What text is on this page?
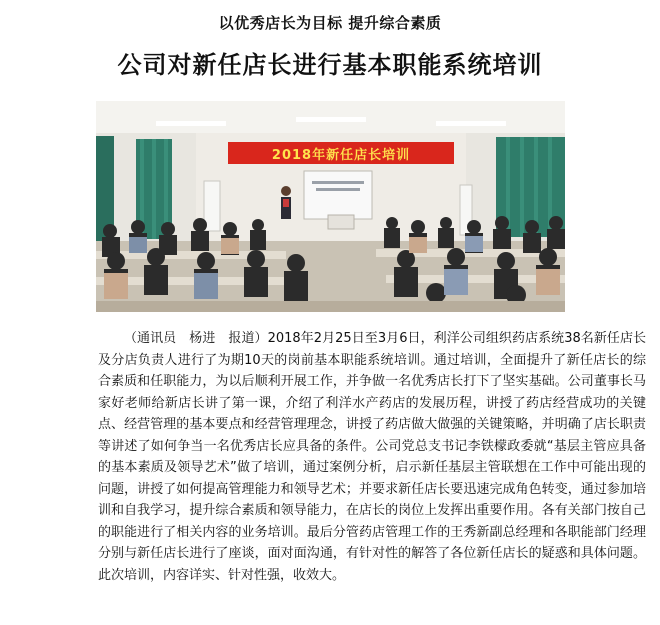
以优秀店长为目标 提升综合素质
公司对新任店长进行基本职能系统培训
2018年新任店长培训

（通讯员　杨进　报道）2018年2月25日至3月6日，利洋公司组织药店系统38名新任店长及分店负责人进行了为期10天的岗前基本职能系统培训。通过培训，全面提升了新任店长的综合素质和任职能力，为以后顺利开展工作，并争做一名优秀店长打下了坚实基础。公司董事长马家好老师给新店长讲了第一课，介绍了利洋水产药店的发展历程，讲授了药店经营成功的关键点、经营管理的基本要点和经营管理理念，讲授了药店做大做强的关键策略，并明确了店长职责等讲述了如何争当一名优秀店长应具备的条件。公司党总支书记李铁檬政委就“基层主管应具备的基本素质及领导艺术”做了培训，通过案例分析，启示新任基层主管联想在工作中可能出现的问题，讲授了如何提高管理能力和领导艺术；并要求新任店长要迅速完成角色转变，通过参加培训和自我学习，提升综合素质和领导能力，在店长的岗位上发挥出重要作用。各有关部门按自己的职能进行了相关内容的业务培训。最后分管药店管理工作的王秀新副总经理和各职能部门经理分别与新任店长进行了座谈，面对面沟通，有针对性的解答了各位新任店长的疑惑和具体问题。此次培训，内容详实、针对性强，收效大。
